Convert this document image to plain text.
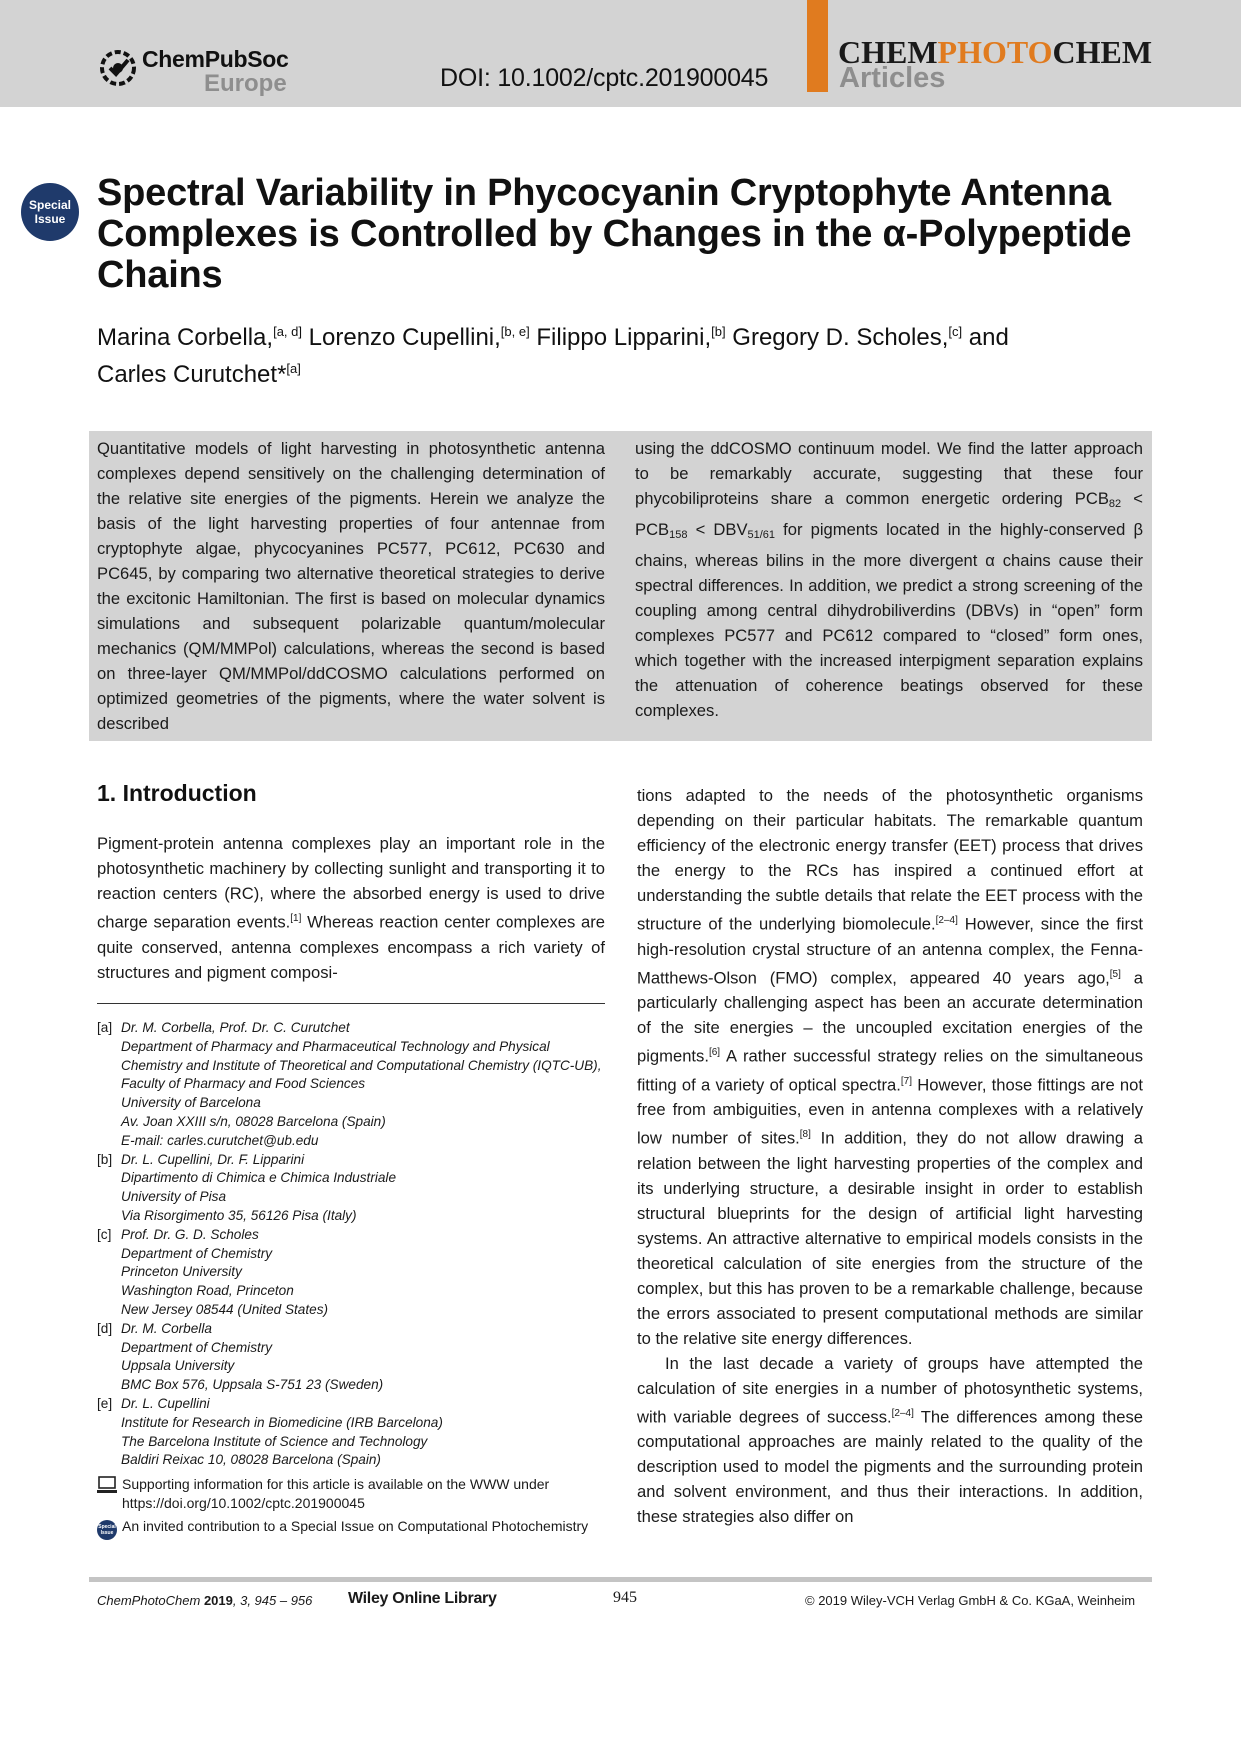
ChemPubSoc
Europe	DOI: 10.1002/cptc.201900045
CHEMPHOTOCHEM
Articles
Special
Issue
Spectral Variability in Phycocyanin Cryptophyte Antenna Complexes is Controlled by Changes in the α-Polypeptide Chains
Marina Corbella,[a, d] Lorenzo Cupellini,[b, e] Filippo Lipparini,[b] Gregory D. Scholes,[c] and
Carles Curutchet*[a]
Quantitative models of light harvesting in photosynthetic antenna complexes depend sensitively on the challenging determination of the relative site energies of the pigments. Herein we analyze the basis of the light harvesting properties of four antennae from cryptophyte algae, phycocyanines PC577, PC612, PC630 and PC645, by comparing two alternative theoretical strategies to derive the excitonic Hamiltonian. The first is based on molecular dynamics simulations and subsequent polarizable quantum/molecular mechanics (QM/MMPol) calculations, whereas the second is based on three-layer QM/MMPol/ddCOSMO calculations performed on optimized geometries of the pigments, where the water solvent is described
using the ddCOSMO continuum model. We find the latter approach to be remarkably accurate, suggesting that these four phycobiliproteins share a common energetic ordering $PCB_{82} < PCB_{158} < DBV_{51/61}$ for pigments located in the highly-conserved β chains, whereas bilins in the more divergent α chains cause their spectral differences. In addition, we predict a strong screening of the coupling among central dihydrobiliverdins (DBVs) in “open” form complexes PC577 and PC612 compared to “closed” form ones, which together with the increased interpigment separation explains the attenuation of coherence beatings observed for these complexes.
1. Introduction
Pigment-protein antenna complexes play an important role in the photosynthetic machinery by collecting sunlight and transporting it to reaction centers (RC), where the absorbed energy is used to drive charge separation events.[1] Whereas reaction center complexes are quite conserved, antenna complexes encompass a rich variety of structures and pigment composi-

tions adapted to the needs of the photosynthetic organisms depending on their particular habitats. The remarkable quantum efficiency of the electronic energy transfer (EET) process that drives the energy to the RCs has inspired a continued effort at understanding the subtle details that relate the EET process with the structure of the underlying biomolecule.[2–4] However, since the first high-resolution crystal structure of an antenna complex, the Fenna-Matthews-Olson (FMO) complex, appeared 40 years ago,[5] a particularly challenging aspect has been an accurate determination of the site energies – the uncoupled excitation energies of the pigments.[6] A rather successful strategy relies on the simultaneous fitting of a variety of optical spectra.[7] However, those fittings are not free from ambiguities, even in antenna complexes with a relatively low number of sites.[8] In addition, they do not allow drawing a relation between the light harvesting properties of the complex and its underlying structure, a desirable insight in order to establish structural blueprints for the design of artificial light harvesting systems. An attractive alternative to empirical models consists in the theoretical calculation of site energies from the structure of the complex, but this has proven to be a remarkable challenge, because the errors associated to present computational methods are similar to the relative site energy differences.

In the last decade a variety of groups have attempted the calculation of site energies in a number of photosynthetic systems, with variable degrees of success.[2–4] The differences among these computational approaches are mainly related to the quality of the description used to model the pigments and the surrounding protein and solvent environment, and thus their interactions. In addition, these strategies also differ on

[a] Dr. M. Corbella, Prof. Dr. C. Curutchet
Department of Pharmacy and Pharmaceutical Technology and Physical Chemistry and Institute of Theoretical and Computational Chemistry (IQTC-UB), Faculty of Pharmacy and Food Sciences
University of Barcelona
Av. Joan XXIII s/n, 08028 Barcelona (Spain)
E-mail: carles.curutchet@ub.edu
[b] Dr. L. Cupellini, Dr. F. Lipparini
Dipartimento di Chimica e Chimica Industriale
University of Pisa
Via Risorgimento 35, 56126 Pisa (Italy)
[c] Prof. Dr. G. D. Scholes
Department of Chemistry
Princeton University
Washington Road, Princeton
New Jersey 08544 (United States)
[d] Dr. M. Corbella
Department of Chemistry
Uppsala University
BMC Box 576, Uppsala S-751 23 (Sweden)
[e] Dr. L. Cupellini
Institute for Research in Biomedicine (IRB Barcelona)
The Barcelona Institute of Science and Technology
Baldiri Reixac 10, 08028 Barcelona (Spain)
Supporting information for this article is available on the WWW under https://doi.org/10.1002/cptc.201900045
Special
Issue An invited contribution to a Special Issue on Computational Photochemistry
ChemPhotoChem 2019, 3, 945 – 956 Wiley Online Library	945	© 2019 Wiley-VCH Verlag GmbH & Co. KGaA, Weinheim
